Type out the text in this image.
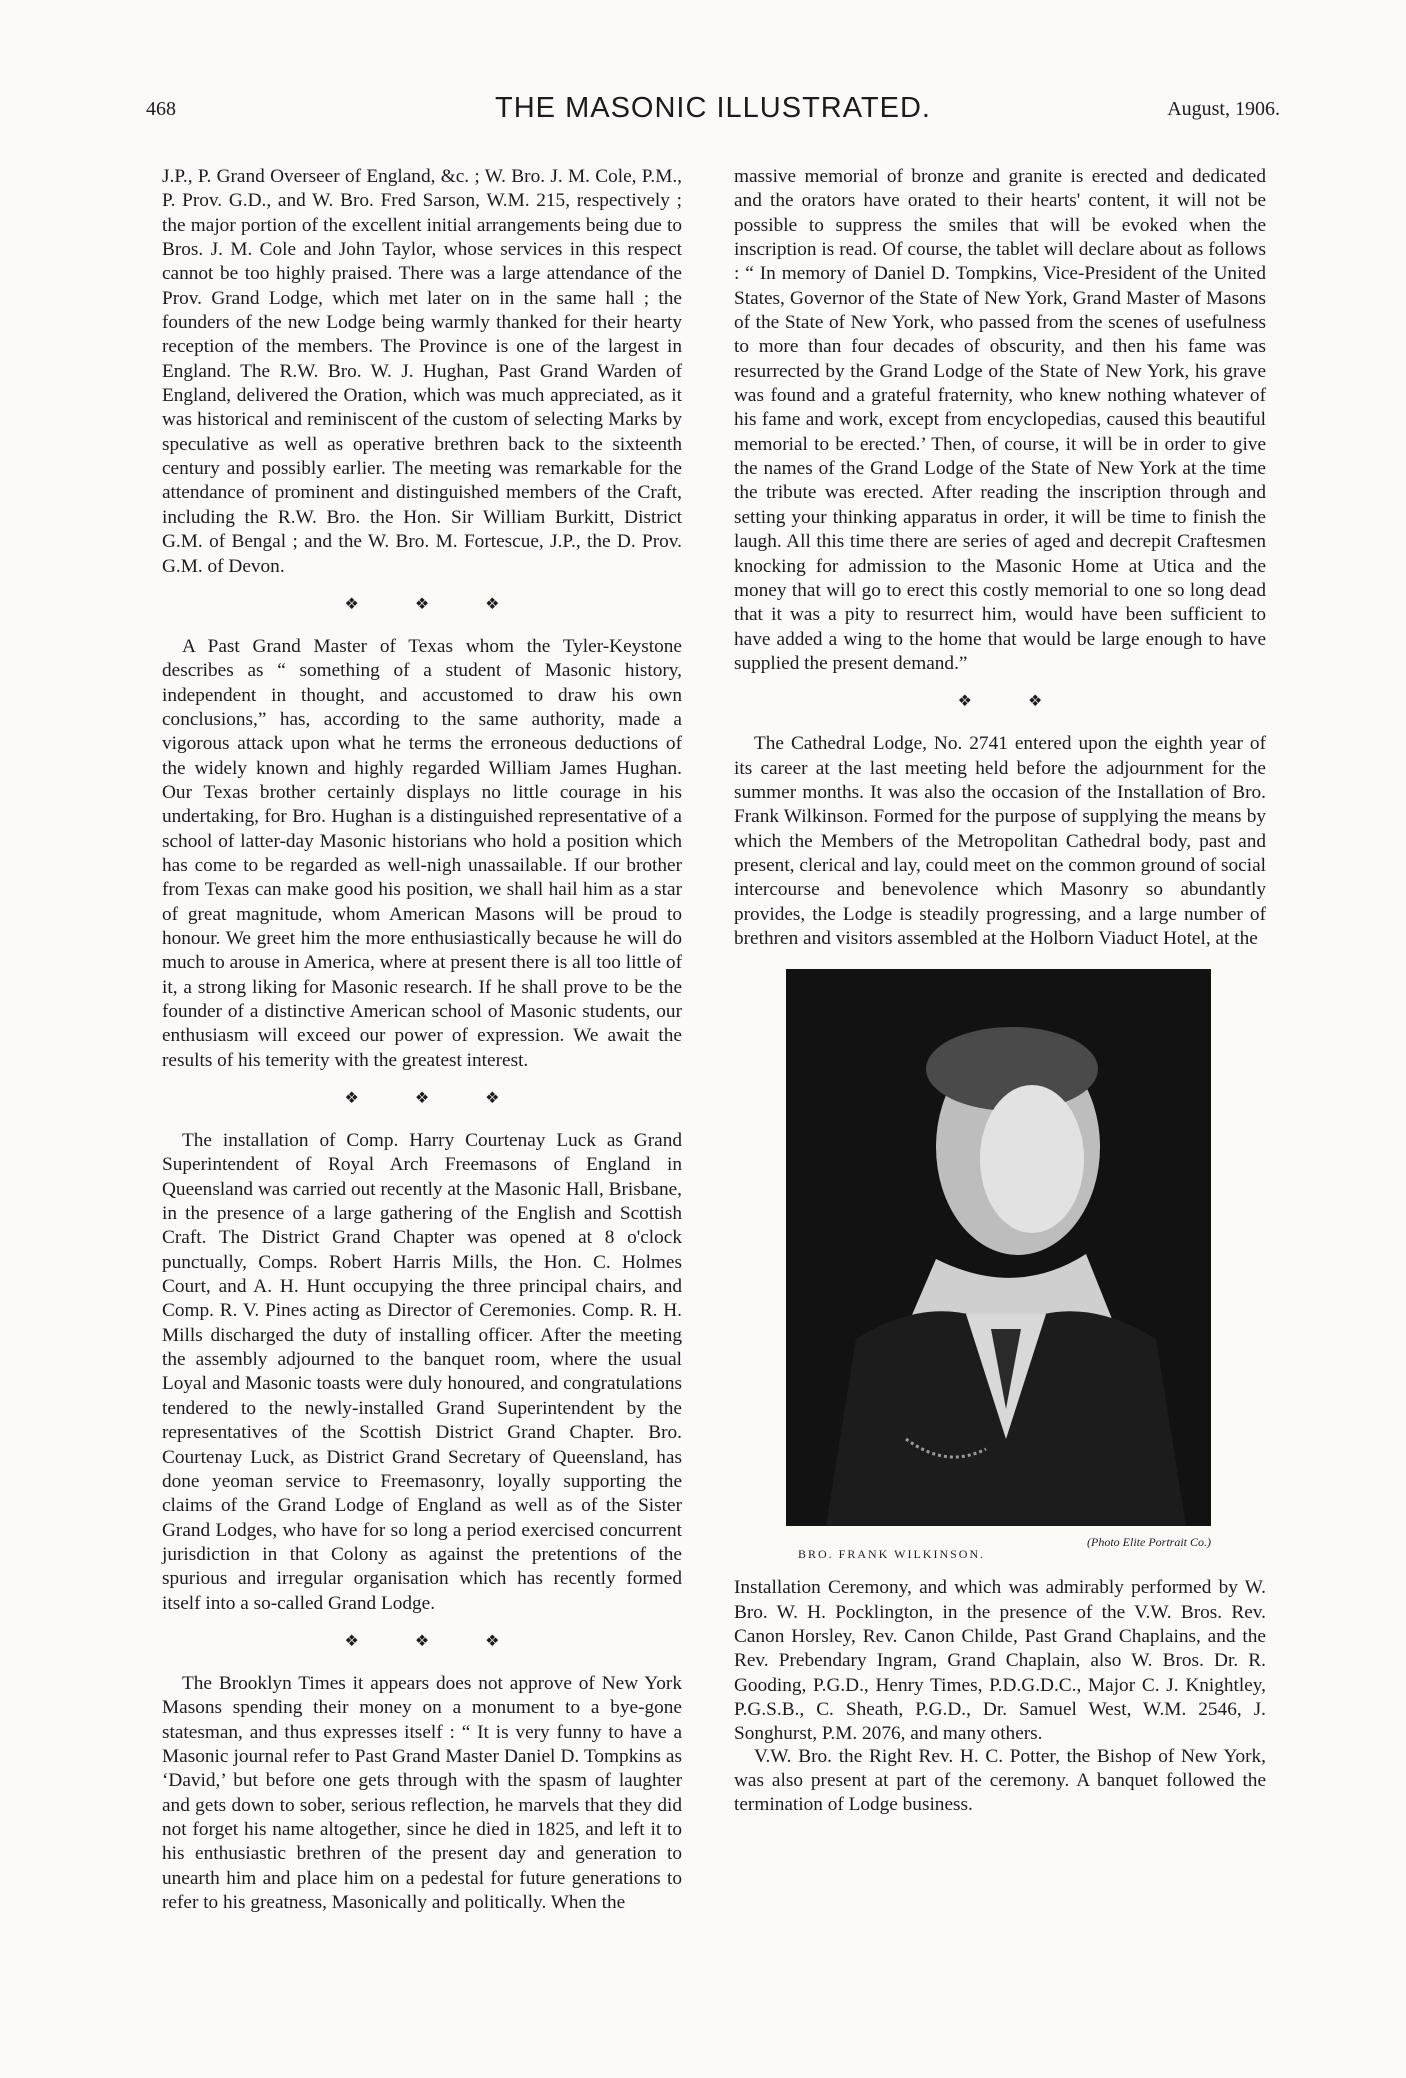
468	THE MASONIC ILLUSTRATED.	August, 1906.

J.P., P. Grand Overseer of England, &c. ; W. Bro. J. M. Cole, P.M., P. Prov. G.D., and W. Bro. Fred Sarson, W.M. 215, respectively ; the major portion of the excellent initial arrangements being due to Bros. J. M. Cole and John Taylor, whose services in this respect cannot be too highly praised. There was a large attendance of the Prov. Grand Lodge, which met later on in the same hall ; the founders of the new Lodge being warmly thanked for their hearty reception of the members. The Province is one of the largest in England. The R.W. Bro. W. J. Hughan, Past Grand Warden of England, delivered the Oration, which was much appreciated, as it was historical and reminiscent of the custom of selecting Marks by speculative as well as operative brethren back to the sixteenth century and possibly earlier. The meeting was remarkable for the attendance of prominent and distinguished members of the Craft, including the R.W. Bro. the Hon. Sir William Burkitt, District G.M. of Bengal ; and the W. Bro. M. Fortescue, J.P., the D. Prov. G.M. of Devon.

❖ ❖ ❖

A Past Grand Master of Texas whom the Tyler-Keystone describes as “ something of a student of Masonic history, independent in thought, and accustomed to draw his own conclusions,” has, according to the same authority, made a vigorous attack upon what he terms the erroneous deductions of the widely known and highly regarded William James Hughan. Our Texas brother certainly displays no little courage in his undertaking, for Bro. Hughan is a distinguished representative of a school of latter-day Masonic historians who hold a position which has come to be regarded as well-nigh unassailable. If our brother from Texas can make good his position, we shall hail him as a star of great magnitude, whom American Masons will be proud to honour. We greet him the more enthusiastically because he will do much to arouse in America, where at present there is all too little of it, a strong liking for Masonic research. If he shall prove to be the founder of a distinctive American school of Masonic students, our enthusiasm will exceed our power of expression. We await the results of his temerity with the greatest interest.

❖ ❖ ❖

The installation of Comp. Harry Courtenay Luck as Grand Superintendent of Royal Arch Freemasons of England in Queensland was carried out recently at the Masonic Hall, Brisbane, in the presence of a large gathering of the English and Scottish Craft. The District Grand Chapter was opened at 8 o'clock punctually, Comps. Robert Harris Mills, the Hon. C. Holmes Court, and A. H. Hunt occupying the three principal chairs, and Comp. R. V. Pines acting as Director of Ceremonies. Comp. R. H. Mills discharged the duty of installing officer. After the meeting the assembly adjourned to the banquet room, where the usual Loyal and Masonic toasts were duly honoured, and congratulations tendered to the newly-installed Grand Superintendent by the representatives of the Scottish District Grand Chapter. Bro. Courtenay Luck, as District Grand Secretary of Queensland, has done yeoman service to Freemasonry, loyally supporting the claims of the Grand Lodge of England as well as of the Sister Grand Lodges, who have for so long a period exercised concurrent jurisdiction in that Colony as against the pretentions of the spurious and irregular organisation which has recently formed itself into a so-called Grand Lodge.

❖ ❖ ❖

The Brooklyn Times it appears does not approve of New York Masons spending their money on a monument to a bye-gone statesman, and thus expresses itself : “ It is very funny to have a Masonic journal refer to Past Grand Master Daniel D. Tompkins as ‘David,’ but before one gets through with the spasm of laughter and gets down to sober, serious reflection, he marvels that they did not forget his name altogether, since he died in 1825, and left it to his enthusiastic brethren of the present day and generation to unearth him and place him on a pedestal for future generations to refer to his greatness, Masonically and politically. When the

massive memorial of bronze and granite is erected and dedicated and the orators have orated to their hearts' content, it will not be possible to suppress the smiles that will be evoked when the inscription is read. Of course, the tablet will declare about as follows : “ In memory of Daniel D. Tompkins, Vice-President of the United States, Governor of the State of New York, Grand Master of Masons of the State of New York, who passed from the scenes of usefulness to more than four decades of obscurity, and then his fame was resurrected by the Grand Lodge of the State of New York, his grave was found and a grateful fraternity, who knew nothing whatever of his fame and work, except from encyclopedias, caused this beautiful memorial to be erected.’ Then, of course, it will be in order to give the names of the Grand Lodge of the State of New York at the time the tribute was erected. After reading the inscription through and setting your thinking apparatus in order, it will be time to finish the laugh. All this time there are series of aged and decrepit Craftesmen knocking for admission to the Masonic Home at Utica and the money that will go to erect this costly memorial to one so long dead that it was a pity to resurrect him, would have been sufficient to have added a wing to the home that would be large enough to have supplied the present demand.”

❖ ❖

The Cathedral Lodge, No. 2741 entered upon the eighth year of its career at the last meeting held before the adjournment for the summer months. It was also the occasion of the Installation of Bro. Frank Wilkinson. Formed for the purpose of supplying the means by which the Members of the Metropolitan Cathedral body, past and present, clerical and lay, could meet on the common ground of social intercourse and benevolence which Masonry so abundantly provides, the Lodge is steadily progressing, and a large number of brethren and visitors assembled at the Holborn Viaduct Hotel, at the

(Photo Elite Portrait Co.)
BRO. FRANK WILKINSON.

Installation Ceremony, and which was admirably performed by W. Bro. W. H. Pocklington, in the presence of the V.W. Bros. Rev. Canon Horsley, Rev. Canon Childe, Past Grand Chaplains, and the Rev. Prebendary Ingram, Grand Chaplain, also W. Bros. Dr. R. Gooding, P.G.D., Henry Times, P.D.G.D.C., Major C. J. Knightley, P.G.S.B., C. Sheath, P.G.D., Dr. Samuel West, W.M. 2546, J. Songhurst, P.M. 2076, and many others.

V.W. Bro. the Right Rev. H. C. Potter, the Bishop of New York, was also present at part of the ceremony. A banquet followed the termination of Lodge business.
